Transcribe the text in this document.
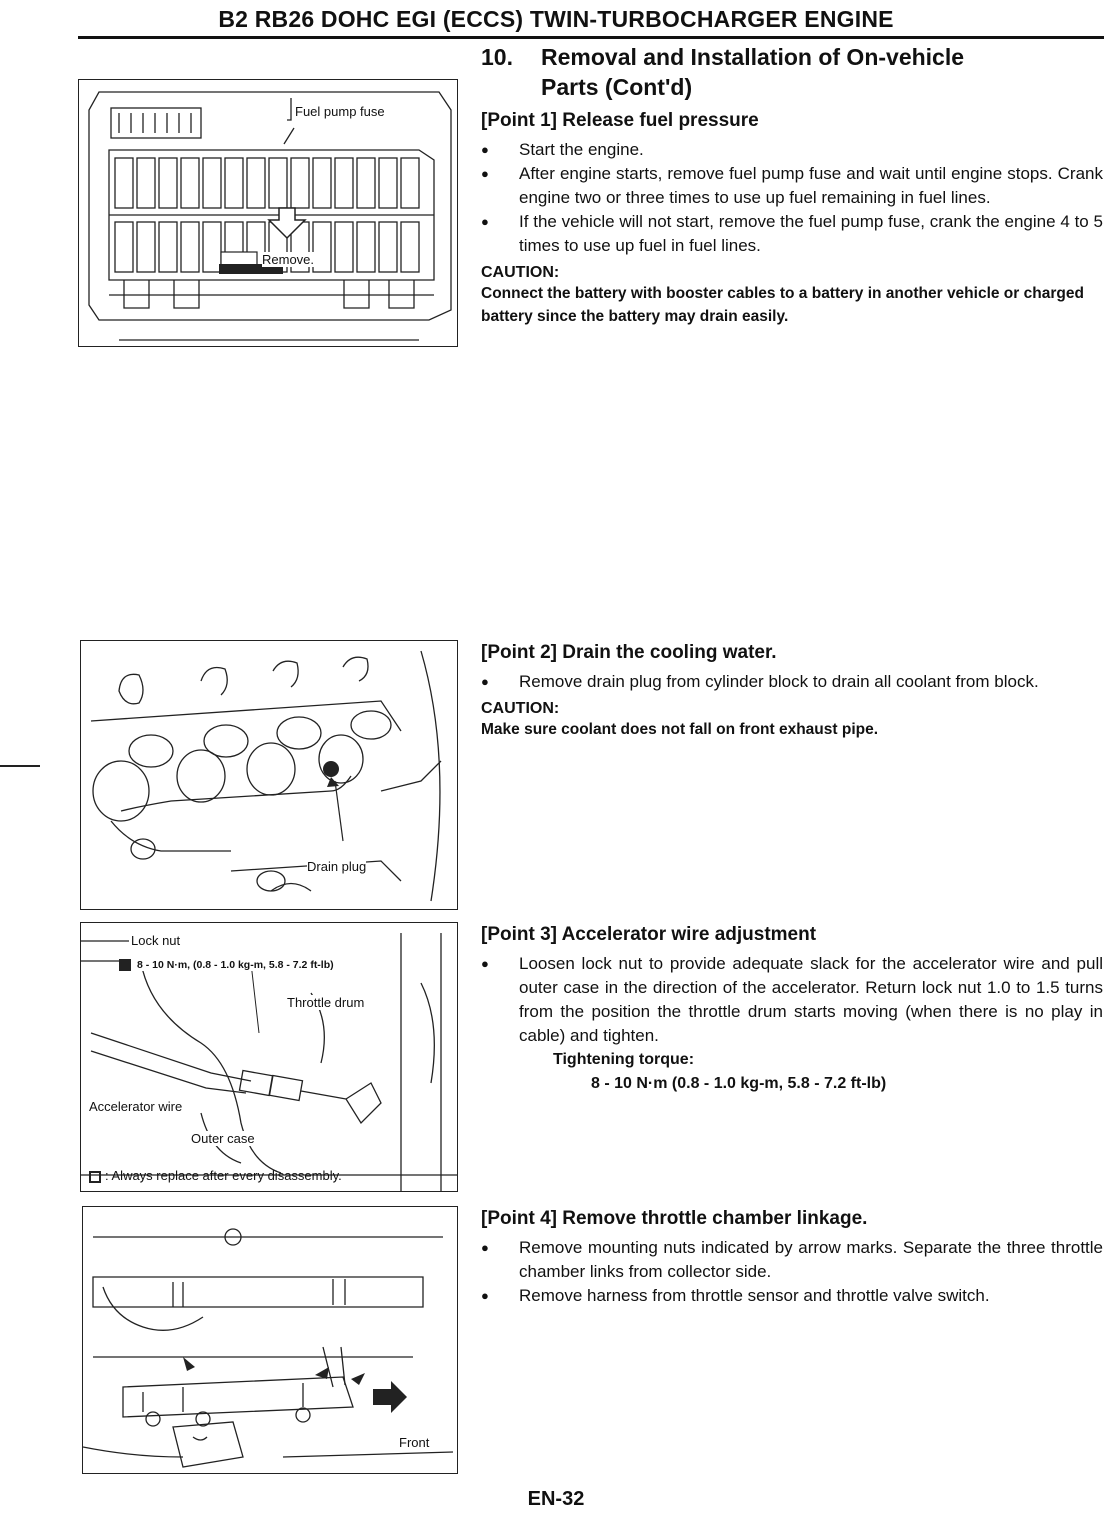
B2 RB26 DOHC EGI (ECCS) TWIN-TURBOCHARGER ENGINE
10. Removal and Installation of On-vehicle
Parts (Cont'd)
Fuel pump fuse
Remove.
[Point 1] Release fuel pressure
● Start the engine.
● After engine starts, remove fuel pump fuse and wait until engine stops. Crank engine two or three times to use up fuel remaining in fuel lines.
● If the vehicle will not start, remove the fuel pump fuse, crank the engine 4 to 5 times to use up fuel in fuel lines.
CAUTION:
Connect the battery with booster cables to a battery in another vehicle or charged battery since the battery may drain easily.
Drain plug
[Point 2] Drain the cooling water.
● Remove drain plug from cylinder block to drain all coolant from block.
CAUTION:
Make sure coolant does not fall on front exhaust pipe.
Lock nut
8 - 10 N·m, (0.8 - 1.0 kg-m, 5.8 - 7.2 ft-lb)
Throttle drum
Accelerator wire
Outer case
: Always replace after every disassembly.
[Point 3] Accelerator wire adjustment
● Loosen lock nut to provide adequate slack for the accelerator wire and pull outer case in the direction of the accelerator. Return lock nut 1.0 to 1.5 turns from the position the throttle drum starts moving (when there is no play in cable) and tighten.
Tightening torque:
8 - 10 N·m (0.8 - 1.0 kg-m, 5.8 - 7.2 ft-lb)
Front
[Point 4] Remove throttle chamber linkage.
● Remove mounting nuts indicated by arrow marks. Separate the three throttle chamber links from collector side.
● Remove harness from throttle sensor and throttle valve switch.
EN-32
